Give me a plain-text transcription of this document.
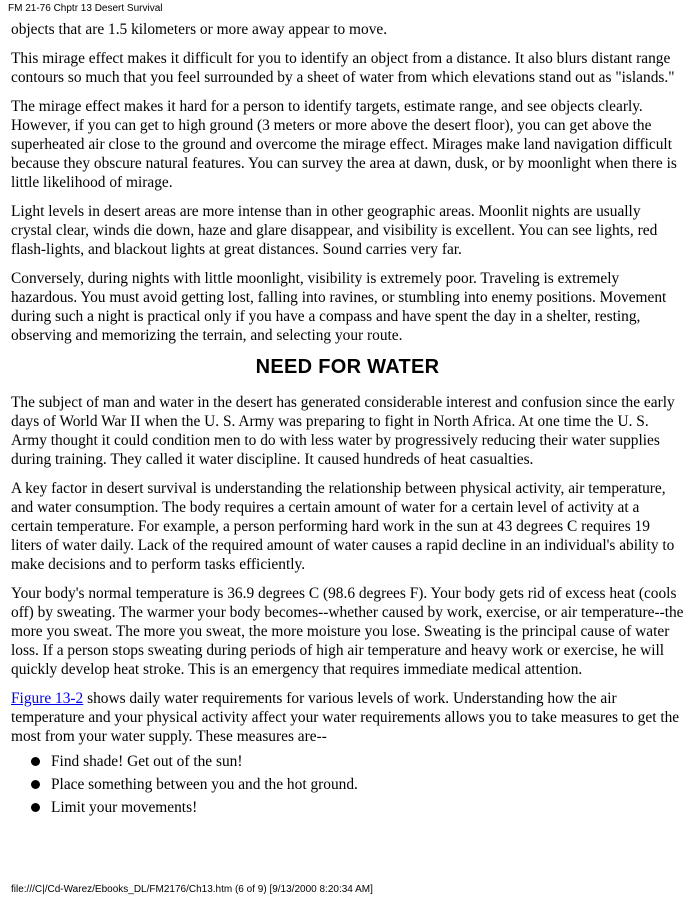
FM 21-76 Chptr 13 Desert Survival

objects that are 1.5 kilometers or more away appear to move.

This mirage effect makes it difficult for you to identify an object from a distance. It also blurs distant range contours so much that you feel surrounded by a sheet of water from which elevations stand out as "islands."

The mirage effect makes it hard for a person to identify targets, estimate range, and see objects clearly. However, if you can get to high ground (3 meters or more above the desert floor), you can get above the superheated air close to the ground and overcome the mirage effect. Mirages make land navigation difficult because they obscure natural features. You can survey the area at dawn, dusk, or by moonlight when there is little likelihood of mirage.

Light levels in desert areas are more intense than in other geographic areas. Moonlit nights are usually crystal clear, winds die down, haze and glare disappear, and visibility is excellent. You can see lights, red flash-lights, and blackout lights at great distances. Sound carries very far.

Conversely, during nights with little moonlight, visibility is extremely poor. Traveling is extremely hazardous. You must avoid getting lost, falling into ravines, or stumbling into enemy positions. Movement during such a night is practical only if you have a compass and have spent the day in a shelter, resting, observing and memorizing the terrain, and selecting your route.

NEED FOR WATER

The subject of man and water in the desert has generated considerable interest and confusion since the early days of World War II when the U. S. Army was preparing to fight in North Africa. At one time the U. S. Army thought it could condition men to do with less water by progressively reducing their water supplies during training. They called it water discipline. It caused hundreds of heat casualties.

A key factor in desert survival is understanding the relationship between physical activity, air temperature, and water consumption. The body requires a certain amount of water for a certain level of activity at a certain temperature. For example, a person performing hard work in the sun at 43 degrees C requires 19 liters of water daily. Lack of the required amount of water causes a rapid decline in an individual's ability to make decisions and to perform tasks efficiently.

Your body's normal temperature is 36.9 degrees C (98.6 degrees F). Your body gets rid of excess heat (cools off) by sweating. The warmer your body becomes--whether caused by work, exercise, or air temperature--the more you sweat. The more you sweat, the more moisture you lose. Sweating is the principal cause of water loss. If a person stops sweating during periods of high air temperature and heavy work or exercise, he will quickly develop heat stroke. This is an emergency that requires immediate medical attention.

Figure 13-2 shows daily water requirements for various levels of work. Understanding how the air temperature and your physical activity affect your water requirements allows you to take measures to get the most from your water supply. These measures are--

Find shade! Get out of the sun!
Place something between you and the hot ground.
Limit your movements!
file:///C|/Cd-Warez/Ebooks_DL/FM2176/Ch13.htm (6 of 9) [9/13/2000 8:20:34 AM]
